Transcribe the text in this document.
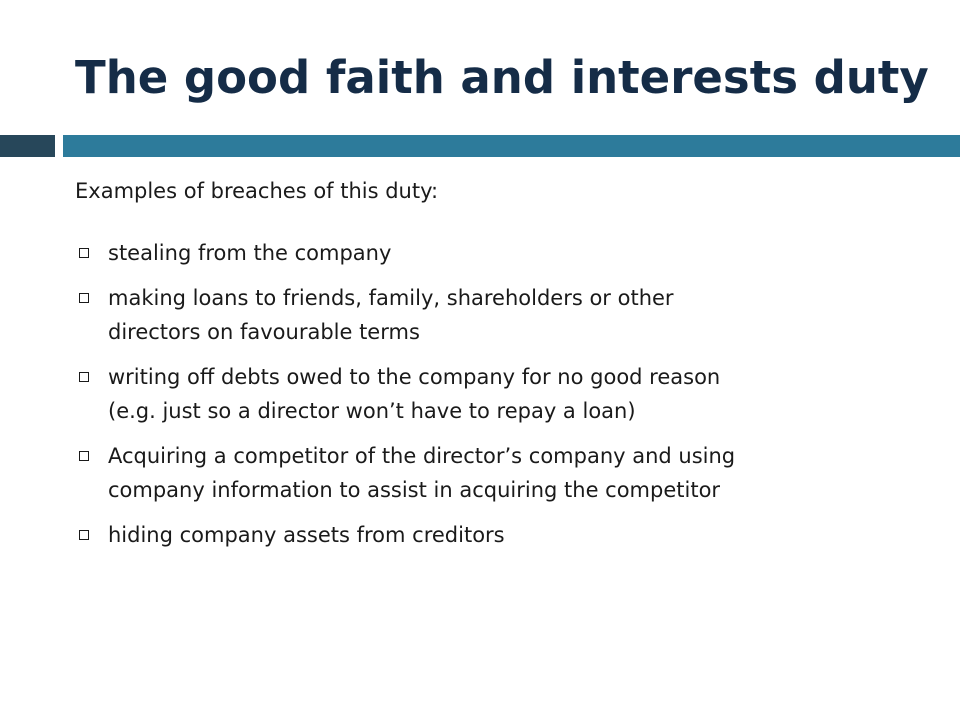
The good faith and interests duty

Examples of breaches of this duty:

stealing from the company
making loans to friends, family, shareholders or other
directors on favourable terms
writing off debts owed to the company for no good reason
(e.g. just so a director won’t have to repay a loan)
Acquiring a competitor of the director’s company and using
company information to assist in acquiring the competitor
hiding company assets from creditors
